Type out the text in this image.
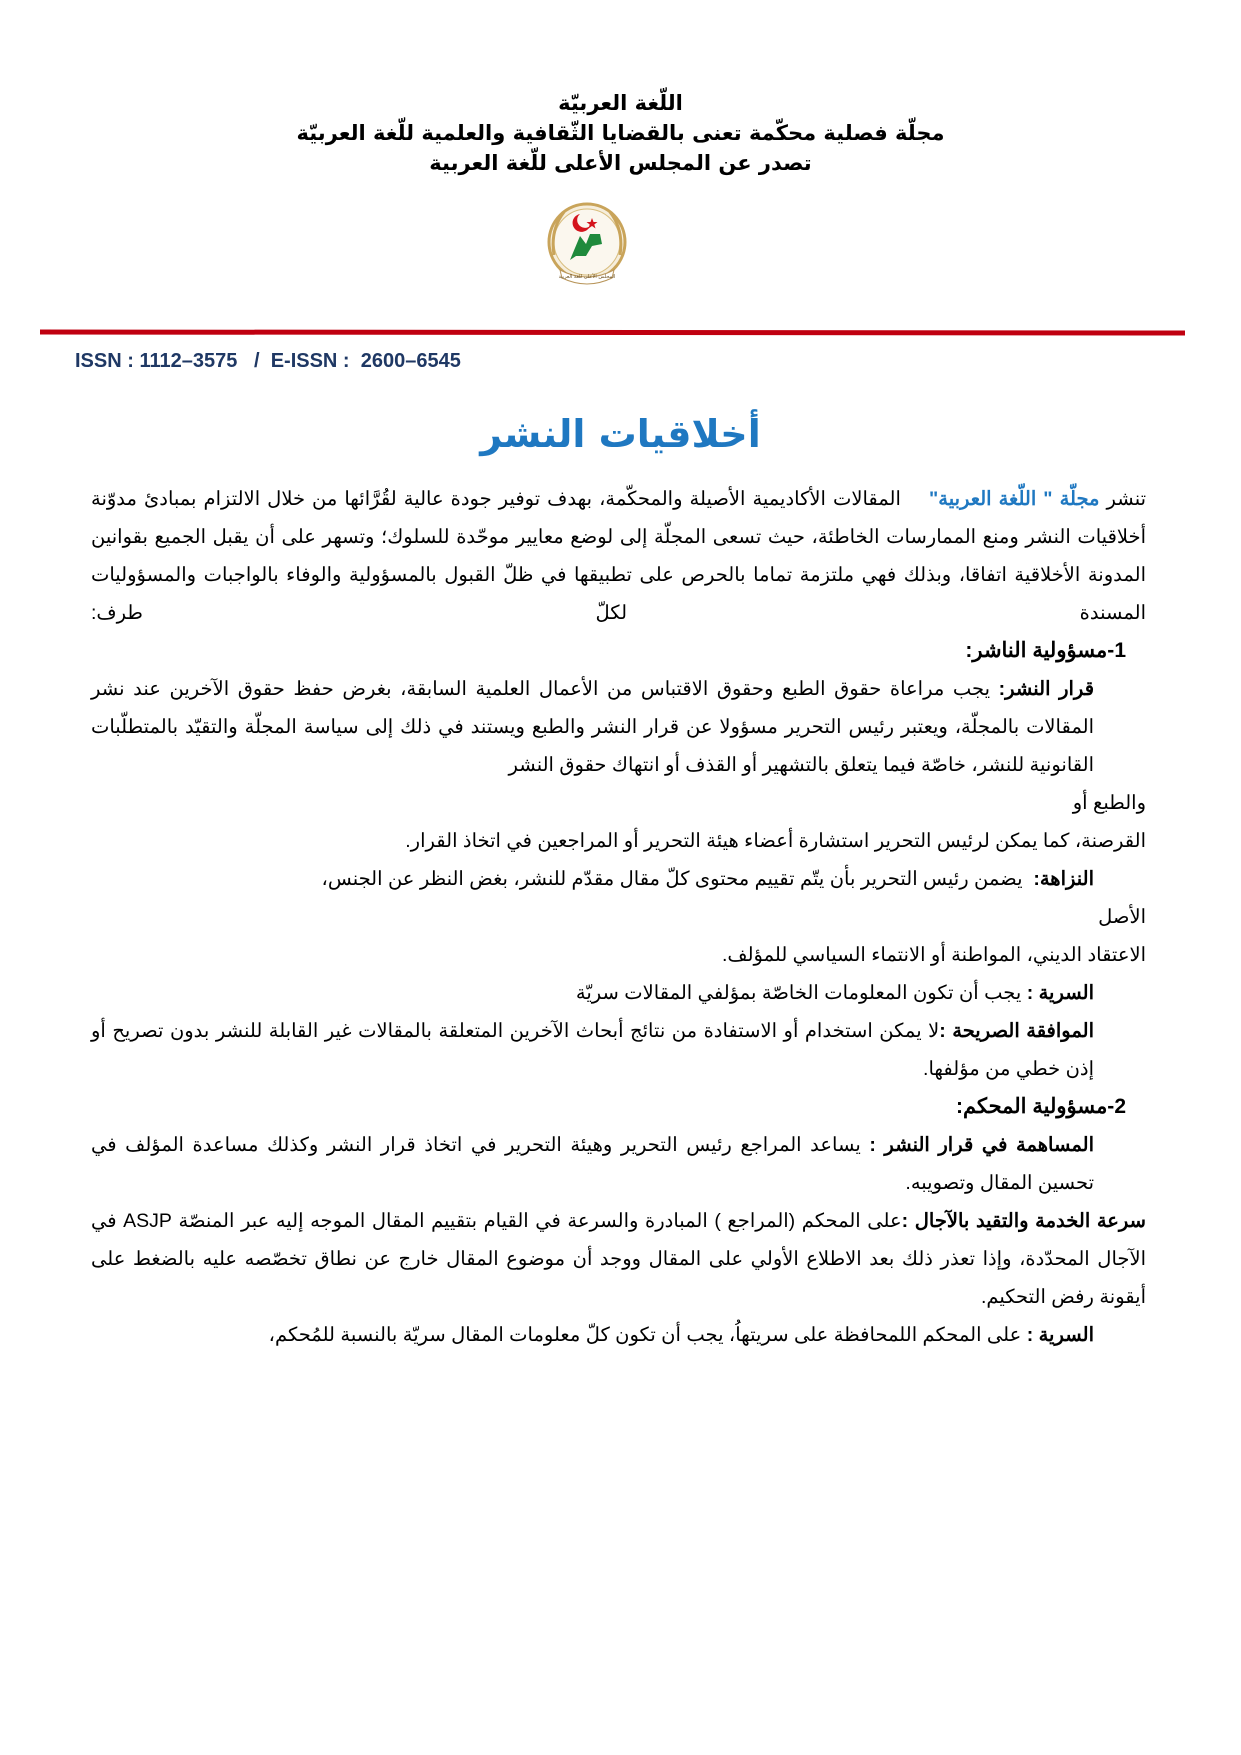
اللّغة العربيّة
مجلّة فصلية محكّمة تعنى بالقضايا الثّقافية والعلمية للّغة العربيّة
تصدر عن المجلس الأعلى للّغة العربية
المجلس الأعلى للغة العربية
ISSN : 1112–3575   /  E-ISSN :  2600–6545
أخلاقيات النشر

تنشر مجلّة " اللّغة العربية"    المقالات الأكاديمية الأصيلة والمحكّمة، بهدف توفير جودة عالية لقُرَّائها من خلال الالتزام بمبادئ مدوّنة أخلاقيات النشر ومنع الممارسات الخاطئة، حيث تسعى المجلّة إلى لوضع معايير موحّدة للسلوك؛ وتسهر على أن يقبل الجميع بقوانين المدونة الأخلاقية اتفاقا، وبذلك فهي ملتزمة تماما بالحرص على تطبيقها في ظلّ القبول بالمسؤولية والوفاء بالواجبات والمسؤوليات المسندة لكلّ طرف:

1-مسؤولية الناشر:

قرار النشر: يجب مراعاة حقوق الطبع وحقوق الاقتباس من الأعمال العلمية السابقة، بغرض حفظ حقوق الآخرين عند نشر المقالات بالمجلّة، ويعتبر رئيس التحرير مسؤولا عن قرار النشر والطبع ويستند في ذلك إلى سياسة المجلّة والتقيّد بالمتطلّبات القانونية للنشر، خاصّة فيما يتعلق بالتشهير أو القذف أو انتهاك حقوق النشر

والطبع أو

القرصنة، كما يمكن لرئيس التحرير استشارة أعضاء هيئة التحرير أو المراجعين في اتخاذ القرار.

النزاهة:  يضمن رئيس التحرير بأن يتّم تقييم محتوى كلّ مقال مقدّم للنشر، بغض النظر عن الجنس،

الأصل

الاعتقاد الديني، المواطنة أو الانتماء السياسي للمؤلف.

السرية : يجب أن تكون المعلومات الخاصّة بمؤلفي المقالات سريّة

الموافقة الصريحة :لا يمكن استخدام أو الاستفادة من نتائج أبحاث الآخرين المتعلقة بالمقالات غير القابلة للنشر بدون تصريح أو إذن خطي من مؤلفها.

2-مسؤولية المحكم:

المساهمة في قرار النشر : يساعد المراجع رئيس التحرير وهيئة التحرير في اتخاذ قرار النشر وكذلك مساعدة المؤلف في تحسين المقال وتصويبه.

سرعة الخدمة والتقيد بالآجال :على المحكم (المراجع ) المبادرة والسرعة في القيام بتقييم المقال الموجه إليه عبر المنصّة ASJP في الآجال المحدّدة، وإذا تعذر ذلك بعد الاطلاع الأولي على المقال ووجد أن موضوع المقال خارج عن نطاق تخصّصه عليه بالضغط على أيقونة رفض التحكيم.

السرية : على المحكم اللمحافظة على سريتهاُ، يجب أن تكون كلّ معلومات المقال سريّة بالنسبة للمُحكم،
